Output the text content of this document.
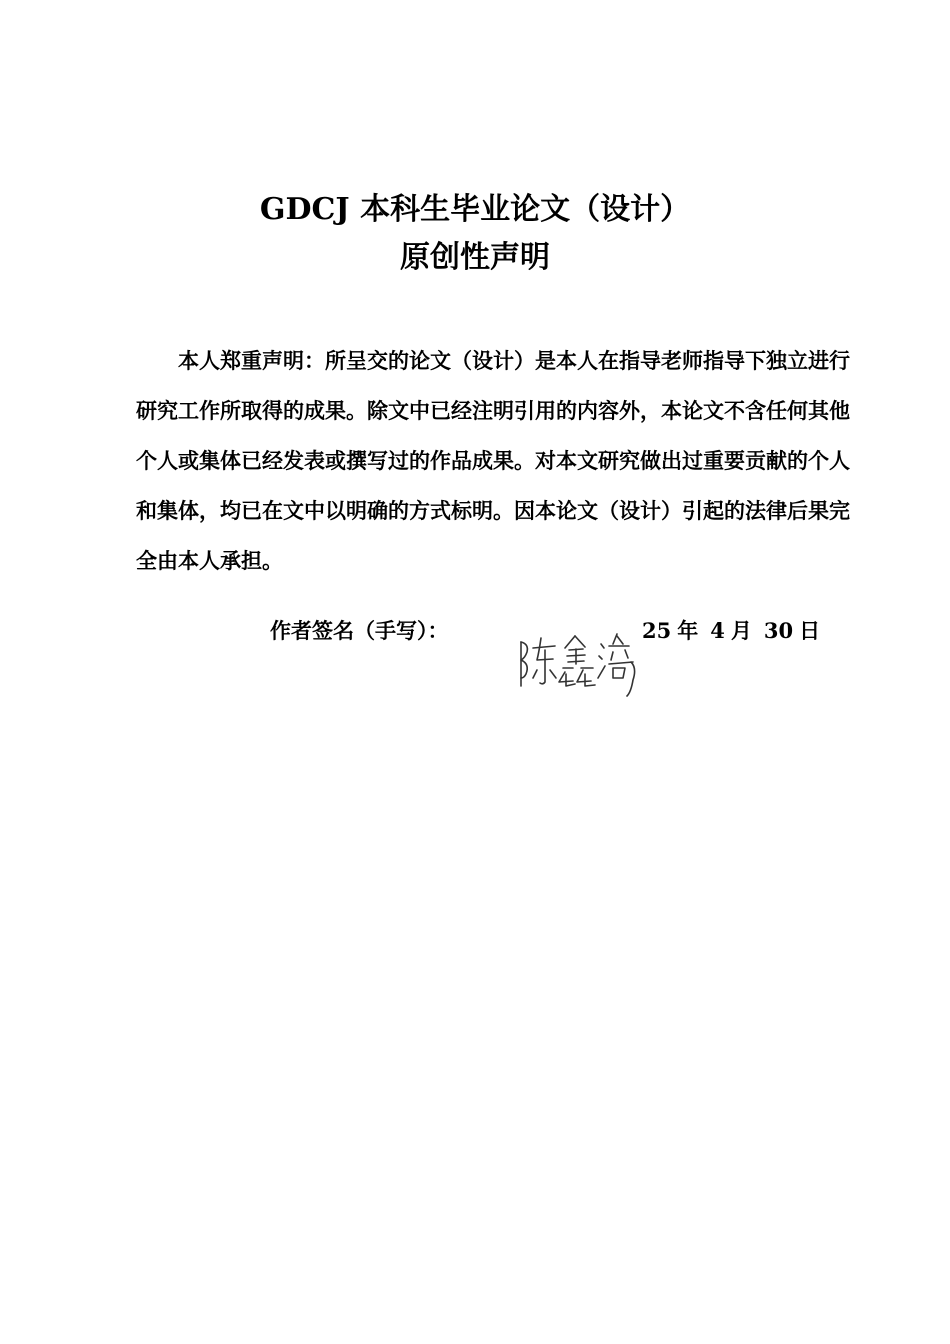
GDCJ 本科生毕业论文（设计）
原创性声明

本人郑重声明：所呈交的论文（设计）是本人在指导老师指导下独立进行研究工作所取得的成果。除文中已经注明引用的内容外，本论文不含任何其他个人或集体已经发表或撰写过的作品成果。对本文研究做出过重要贡献的个人和集体，均已在文中以明确的方式标明。因本论文（设计）引起的法律后果完全由本人承担。

作者签名（手写）：	25 年 4 月 30 日
